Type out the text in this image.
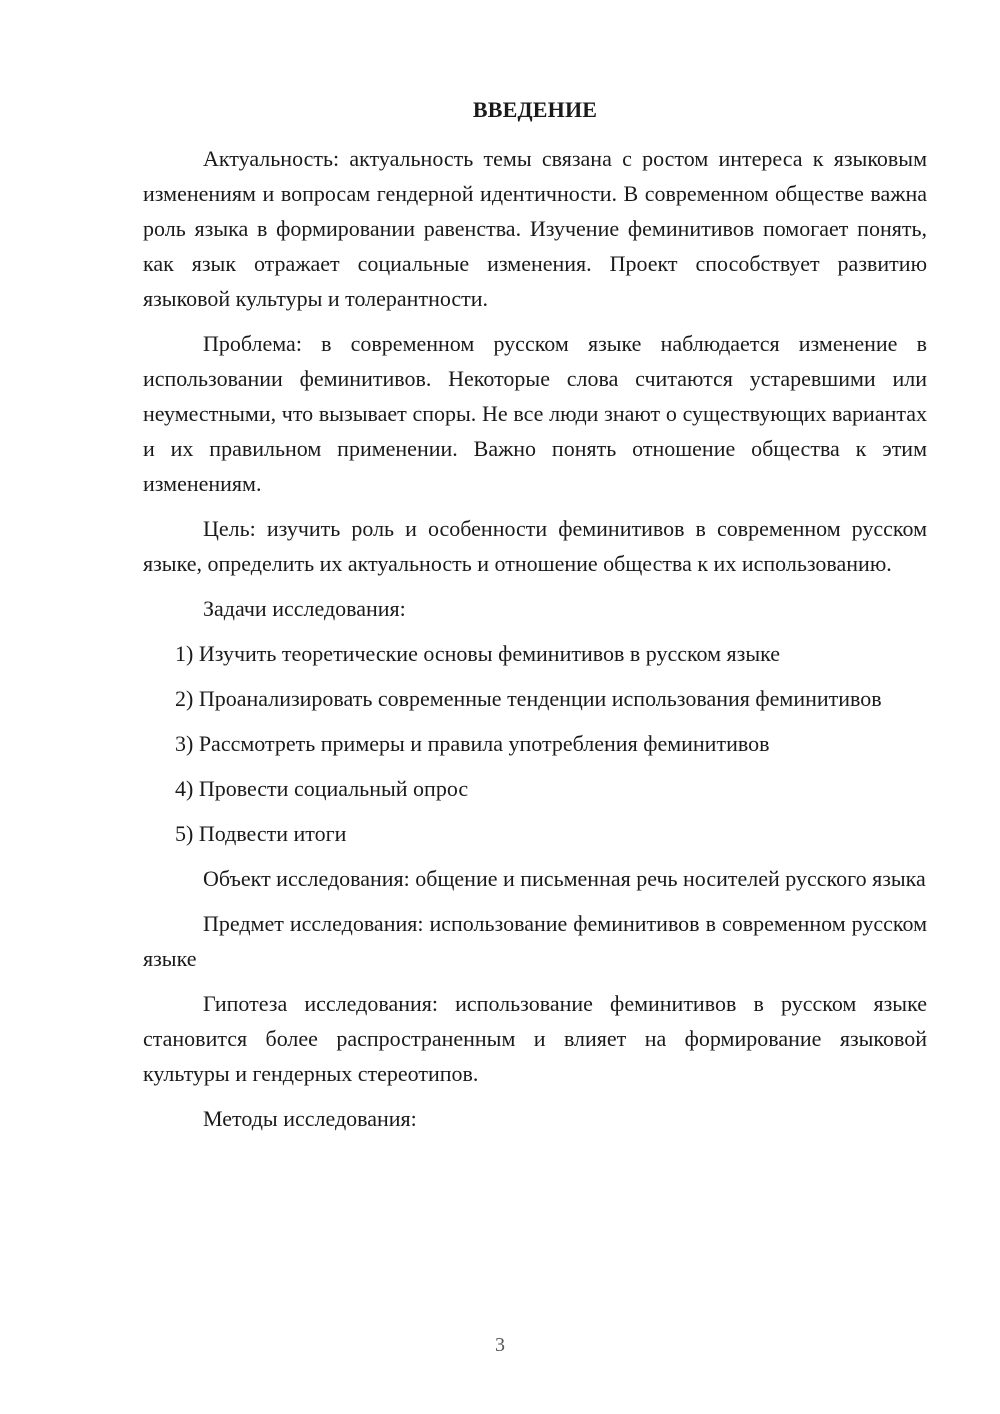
ВВЕДЕНИЕ

Актуальность: актуальность темы связана с ростом интереса к языковым изменениям и вопросам гендерной идентичности. В современном обществе важна роль языка в формировании равенства. Изучение феминитивов помогает понять, как язык отражает социальные изменения. Проект способствует развитию языковой культуры и толерантности.

Проблема: в современном русском языке наблюдается изменение в использовании феминитивов. Некоторые слова считаются устаревшими или неуместными, что вызывает споры. Не все люди знают о существующих вариантах и их правильном применении. Важно понять отношение общества к этим изменениям.

Цель: изучить роль и особенности феминитивов в современном русском языке, определить их актуальность и отношение общества к их использованию.

Задачи исследования:

1) Изучить теоретические основы феминитивов в русском языке

2) Проанализировать современные тенденции использования феминитивов

3) Рассмотреть примеры и правила употребления феминитивов

4) Провести социальный опрос

5) Подвести итоги

Объект исследования: общение и письменная речь носителей русского языка

Предмет исследования: использование феминитивов в современном русском языке

Гипотеза исследования: использование феминитивов в русском языке становится более распространенным и влияет на формирование языковой культуры и гендерных стереотипов.

Методы исследования:

3
